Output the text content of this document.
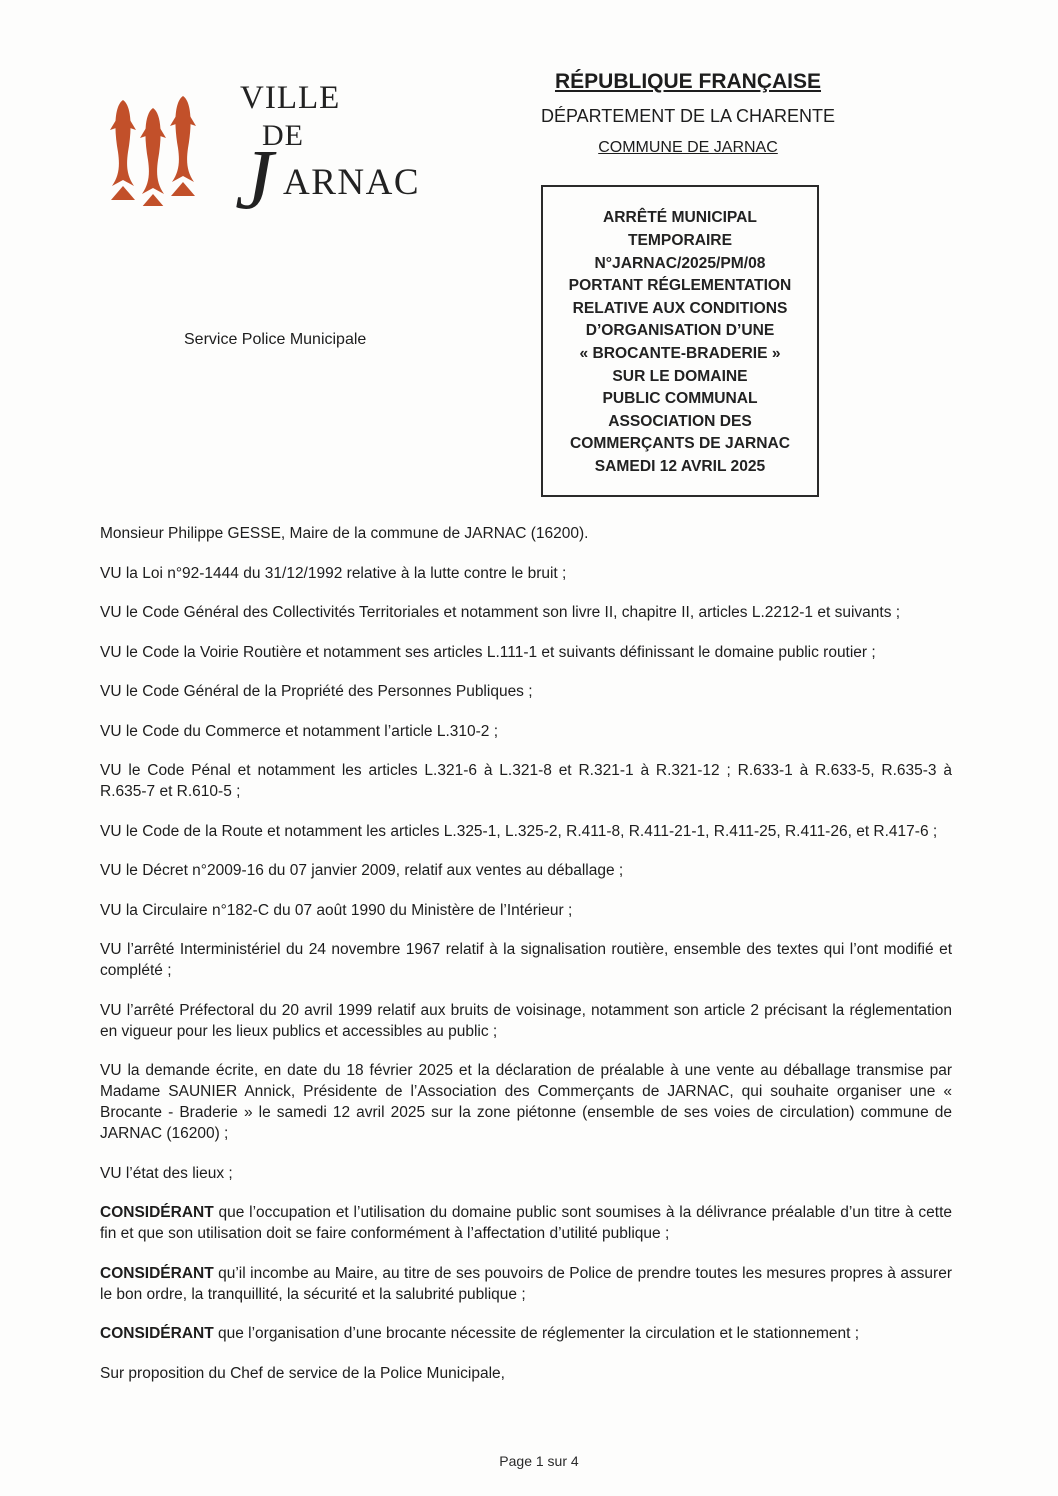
VILLE
DE
J ARNAC
RÉPUBLIQUE FRANÇAISE
DÉPARTEMENT DE LA CHARENTE
COMMUNE DE JARNAC
Service Police Municipale
ARRÊTÉ MUNICIPAL
TEMPORAIRE
N°JARNAC/2025/PM/08
PORTANT RÉGLEMENTATION
RELATIVE AUX CONDITIONS
D’ORGANISATION D’UNE
« BROCANTE-BRADERIE »
SUR LE DOMAINE
PUBLIC COMMUNAL
ASSOCIATION DES
COMMERÇANTS DE JARNAC
SAMEDI 12 AVRIL 2025

Monsieur Philippe GESSE, Maire de la commune de JARNAC (16200).

VU la Loi n°92-1444 du 31/12/1992 relative à la lutte contre le bruit ;

VU le Code Général des Collectivités Territoriales et notamment son livre II, chapitre II, articles L.2212-1 et suivants ;

VU le Code la Voirie Routière et notamment ses articles L.111-1 et suivants définissant le domaine public routier ;

VU le Code Général de la Propriété des Personnes Publiques ;

VU le Code du Commerce et notamment l’article L.310-2 ;

VU le Code Pénal et notamment les articles L.321-6 à L.321-8 et R.321-1 à R.321-12 ; R.633-1 à R.633-5, R.635-3 à R.635-7 et R.610-5 ;

VU le Code de la Route et notamment les articles L.325-1, L.325-2, R.411-8, R.411-21-1, R.411-25, R.411-26, et R.417-6 ;

VU le Décret n°2009-16 du 07 janvier 2009, relatif aux ventes au déballage ;

VU la Circulaire n°182-C du 07 août 1990 du Ministère de l’Intérieur ;

VU l’arrêté Interministériel du 24 novembre 1967 relatif à la signalisation routière, ensemble des textes qui l’ont modifié et complété ;

VU l’arrêté Préfectoral du 20 avril 1999 relatif aux bruits de voisinage, notamment son article 2 précisant la réglementation en vigueur pour les lieux publics et accessibles au public ;

VU la demande écrite, en date du 18 février 2025 et la déclaration de préalable à une vente au déballage transmise par Madame SAUNIER Annick, Présidente de l’Association des Commerçants de JARNAC, qui souhaite organiser une « Brocante - Braderie » le samedi 12 avril 2025 sur la zone piétonne (ensemble de ses voies de circulation) commune de JARNAC (16200) ;

VU l’état des lieux ;

CONSIDÉRANT que l’occupation et l’utilisation du domaine public sont soumises à la délivrance préalable d’un titre à cette fin et que son utilisation doit se faire conformément à l’affectation d’utilité publique ;

CONSIDÉRANT qu’il incombe au Maire, au titre de ses pouvoirs de Police de prendre toutes les mesures propres à assurer le bon ordre, la tranquillité, la sécurité et la salubrité publique ;

CONSIDÉRANT que l’organisation d’une brocante nécessite de réglementer la circulation et le stationnement ;

Sur proposition du Chef de service de la Police Municipale,

Page 1 sur 4
